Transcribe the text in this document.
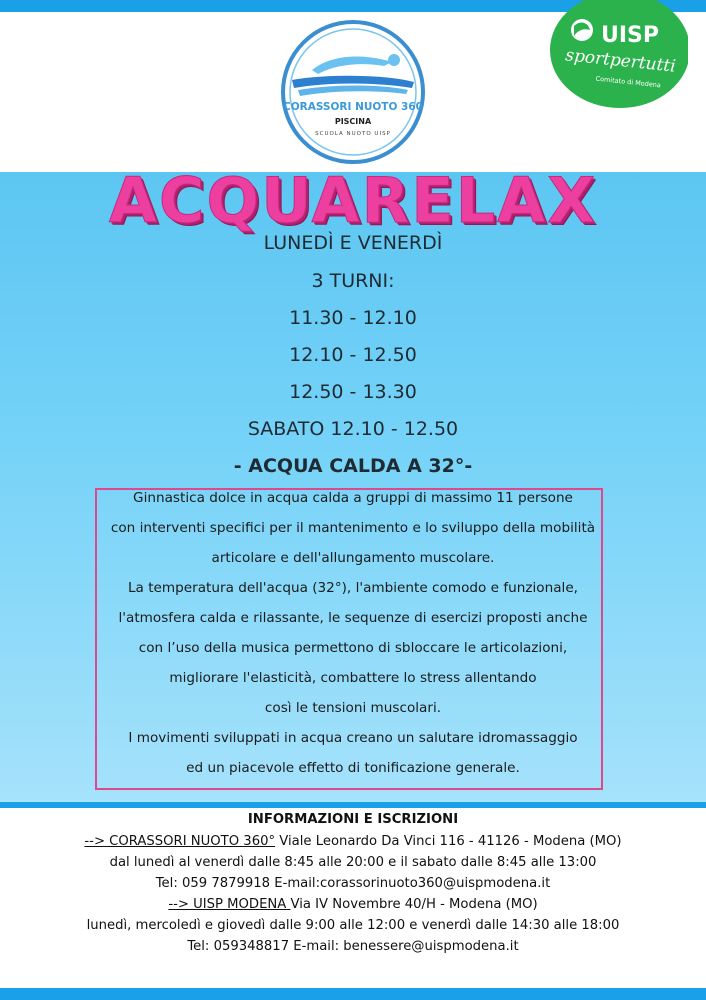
CORASSORI NUOTO 360
PISCINA
SCUOLA NUOTO UISP
UISP
sportpertutti
Comitato di Modena
ACQUARELAX
LUNEDÌ E VENERDÌ
3 TURNI:
11.30 - 12.10
12.10 - 12.50
12.50 - 13.30
SABATO 12.10 - 12.50
- ACQUA CALDA A 32°-
Ginnastica dolce in acqua calda a gruppi di massimo 11 persone
con interventi specifici per il mantenimento e lo sviluppo della mobilità
articolare e dell'allungamento muscolare.
La temperatura dell'acqua (32°), l'ambiente comodo e funzionale,
l'atmosfera calda e rilassante, le sequenze di esercizi proposti anche
con l’uso della musica permettono di sbloccare le articolazioni,
migliorare l'elasticità, combattere lo stress allentando
così le tensioni muscolari.
I movimenti sviluppati in acqua creano un salutare idromassaggio
ed un piacevole effetto di tonificazione generale.
INFORMAZIONI E ISCRIZIONI
--> CORASSORI NUOTO 360° Viale Leonardo Da Vinci 116 - 41126 - Modena (MO)
dal lunedì al venerdì dalle 8:45 alle 20:00 e il sabato dalle 8:45 alle 13:00
Tel: 059 7879918 E-mail:corassorinuoto360@uispmodena.it
--> UISP MODENA Via IV Novembre 40/H - Modena (MO)
lunedì, mercoledì e giovedì dalle 9:00 alle 12:00 e venerdì dalle 14:30 alle 18:00
Tel: 059348817 E-mail: benessere@uispmodena.it
